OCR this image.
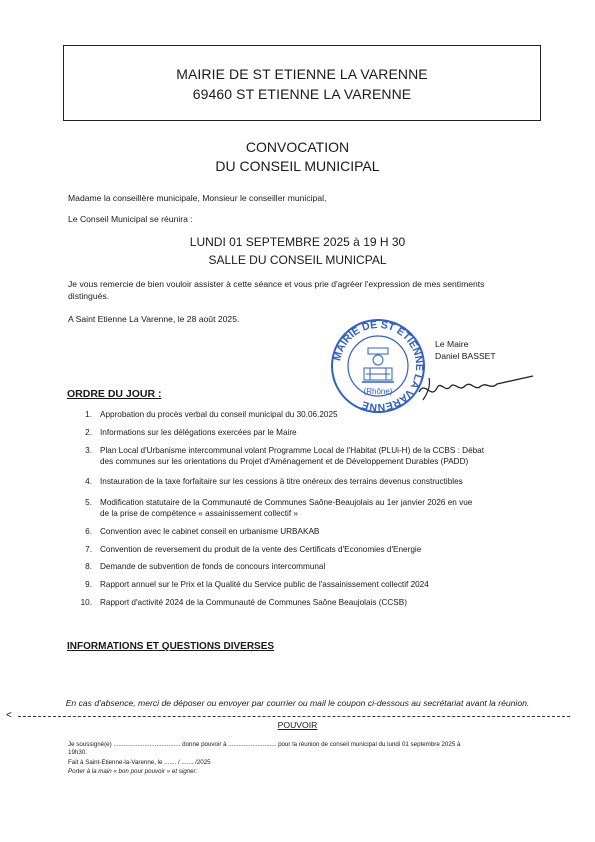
MAIRIE DE ST ETIENNE LA VARENNE
69460 ST ETIENNE LA VARENNE
CONVOCATION
DU CONSEIL MUNICIPAL
Madame la conseillère municipale, Monsieur le conseiller municipal,
Le Conseil Municipal se réunira :
LUNDI 01 SEPTEMBRE 2025 à 19 H 30
SALLE DU CONSEIL MUNICPAL
Je vous remercie de bien vouloir assister à cette séance et vous prie d'agréer l'expression de mes sentiments
distingués.
A Saint Etienne La Varenne, le 28 août 2025.
MAIRIE DE ST ETIENNE LA VARENNE
(Rhône)
Le Maire
Daniel BASSET
ORDRE DU JOUR :
1. Approbation du procès verbal du conseil municipal du 30.06.2025
2. Informations sur les délégations exercées par le Maire
3. Plan Local d'Urbanisme intercommunal volant Programme Local de l'Habitat (PLUi-H) de la CCBS : Débat
des communes sur les orientations du Projet d'Aménagement et de Développement Durables (PADD)
4. Instauration de la taxe forfaitaire sur les cessions à titre onéreux des terrains devenus constructibles
5. Modification statutaire de la Communauté de Communes Saône-Beaujolais au 1er janvier 2026 en vue
de la prise de compétence « assainissement collectif »
6. Convention avec le cabinet conseil en urbanisme URBAKAB
7. Convention de reversement du produit de la vente des Certificats d'Economies d'Energie
8. Demande de subvention de fonds de concours intercommunal
9. Rapport annuel sur le Prix et la Qualité du Service public de l'assainissement collectif 2024
10. Rapport d'activité 2024 de la Communauté de Communes Saône Beaujolais (CCSB)
INFORMATIONS ET QUESTIONS DIVERSES
En cas d'absence, merci de déposer ou envoyer par courrier ou mail le coupon ci-dessous au secrétariat avant la réunion.
<
POUVOIR
Je soussigné(e) ....................................... donne pouvoir à ............................ pour la réunion de conseil municipal du lundi 01 septembre 2025 à
19h30.
Fait à Saint-Etienne-la-Varenne, le ....... / ....... /2025
Porter à la main « bon pour pouvoir » et signer.
